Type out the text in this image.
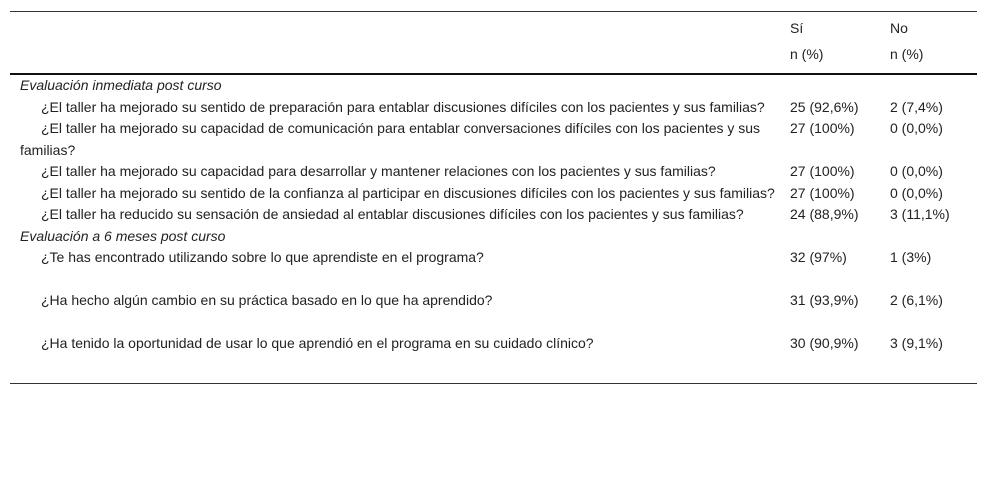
	Sí	No
	n (%)	n (%)
Evaluación inmediata post curso		
¿El taller ha mejorado su sentido de preparación para entablar discusiones difíciles con los pacientes y sus familias?	25 (92,6%)	2 (7,4%)
¿El taller ha mejorado su capacidad de comunicación para entablar conversaciones difíciles con los pacientes y sus familias?	27 (100%)	0 (0,0%)
¿El taller ha mejorado su capacidad para desarrollar y mantener relaciones con los pacientes y sus familias?	27 (100%)	0 (0,0%)
¿El taller ha mejorado su sentido de la confianza al participar en discusiones difíciles con los pacientes y sus familias?	27 (100%)	0 (0,0%)
¿El taller ha reducido su sensación de ansiedad al entablar discusiones difíciles con los pacientes y sus familias?	24 (88,9%)	3 (11,1%)
Evaluación a 6 meses post curso		
¿Te has encontrado utilizando sobre lo que aprendiste en el programa?	32 (97%)	1 (3%)
¿Ha hecho algún cambio en su práctica basado en lo que ha aprendido?	31 (93,9%)	2 (6,1%)
¿Ha tenido la oportunidad de usar lo que aprendió en el programa en su cuidado clínico?	30 (90,9%)	3 (9,1%)
